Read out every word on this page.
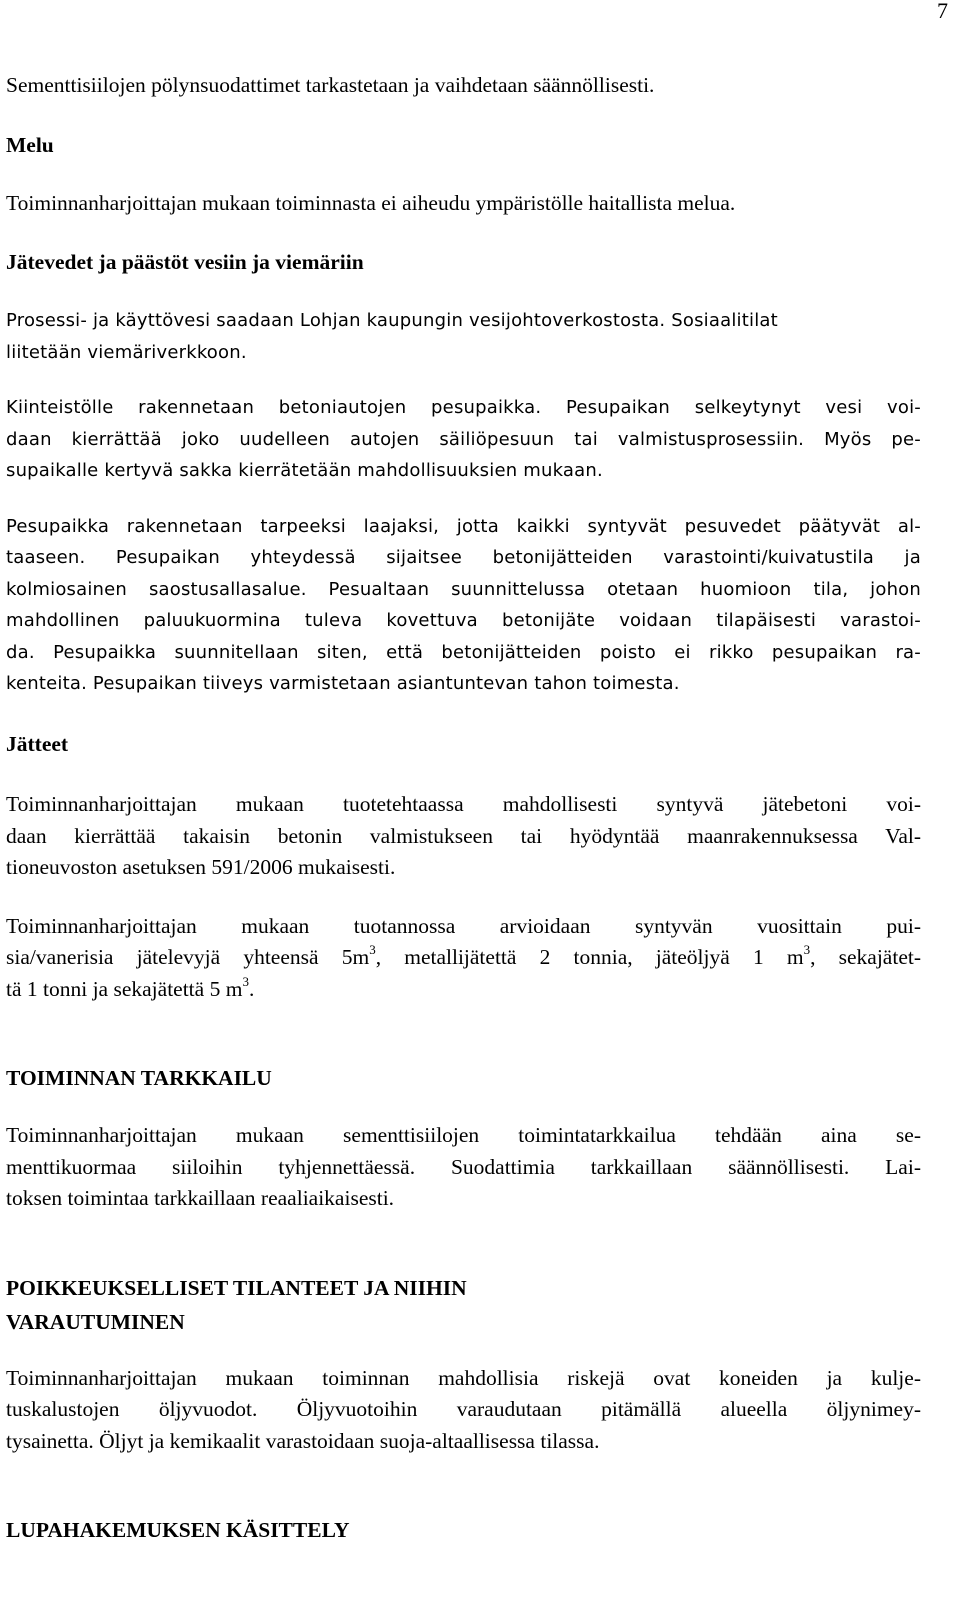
7

Sementtisiilojen pölynsuodattimet tarkastetaan ja vaihdetaan säännöllisesti.

Melu

Toiminnanharjoittajan mukaan toiminnasta ei aiheudu ympäristölle haitallista melua.

Jätevedet ja päästöt vesiin ja viemäriin

Prosessi- ja käyttövesi saadaan Lohjan kaupungin vesijohtoverkostosta. Sosiaalitilat
liitetään viemäriverkkoon.
Kiinteistölle rakennetaan betoniautojen pesupaikka. Pesupaikan selkeytynyt vesi voi-
daan kierrättää joko uudelleen autojen säiliöpesuun tai valmistusprosessiin. Myös pe-
supaikalle kertyvä sakka kierrätetään mahdollisuuksien mukaan.
Pesupaikka rakennetaan tarpeeksi laajaksi, jotta kaikki syntyvät pesuvedet päätyvät al-
taaseen. Pesupaikan yhteydessä sijaitsee betonijätteiden varastointi/kuivatustila ja
kolmiosainen saostusallasalue. Pesualtaan suunnittelussa otetaan huomioon tila, johon
mahdollinen paluukuormina tuleva kovettuva betonijäte voidaan tilapäisesti varastoi-
da. Pesupaikka suunnitellaan siten, että betonijätteiden poisto ei rikko pesupaikan ra-
kenteita. Pesupaikan tiiveys varmistetaan asiantuntevan tahon toimesta.

Jätteet

Toiminnanharjoittajan mukaan tuotetehtaassa mahdollisesti syntyvä jätebetoni voi-
daan kierrättää takaisin betonin valmistukseen tai hyödyntää maanrakennuksessa Val-
tioneuvoston asetuksen 591/2006 mukaisesti.
Toiminnanharjoittajan mukaan tuotannossa arvioidaan syntyvän vuosittain pui-
sia/vanerisia jätelevyjä yhteensä $5m^3$, metallijätettä 2 tonnia, jäteöljyä 1 $m^3$, sekajätet-
tä 1 tonni ja sekajätettä 5 $m^3$.

TOIMINNAN TARKKAILU

Toiminnanharjoittajan mukaan sementtisiilojen toimintatarkkailua tehdään aina se-
menttikuormaa siiloihin tyhjennettäessä. Suodattimia tarkkaillaan säännöllisesti. Lai-
toksen toimintaa tarkkaillaan reaaliaikaisesti.
POIKKEUKSELLISET TILANTEET JA NIIHIN
VARAUTUMINEN
Toiminnanharjoittajan mukaan toiminnan mahdollisia riskejä ovat koneiden ja kulje-
tuskalustojen öljyvuodot. Öljyvuotoihin varaudutaan pitämällä alueella öljynimey-
tysainetta. Öljyt ja kemikaalit varastoidaan suoja-altaallisessa tilassa.

LUPAHAKEMUKSEN KÄSITTELY
